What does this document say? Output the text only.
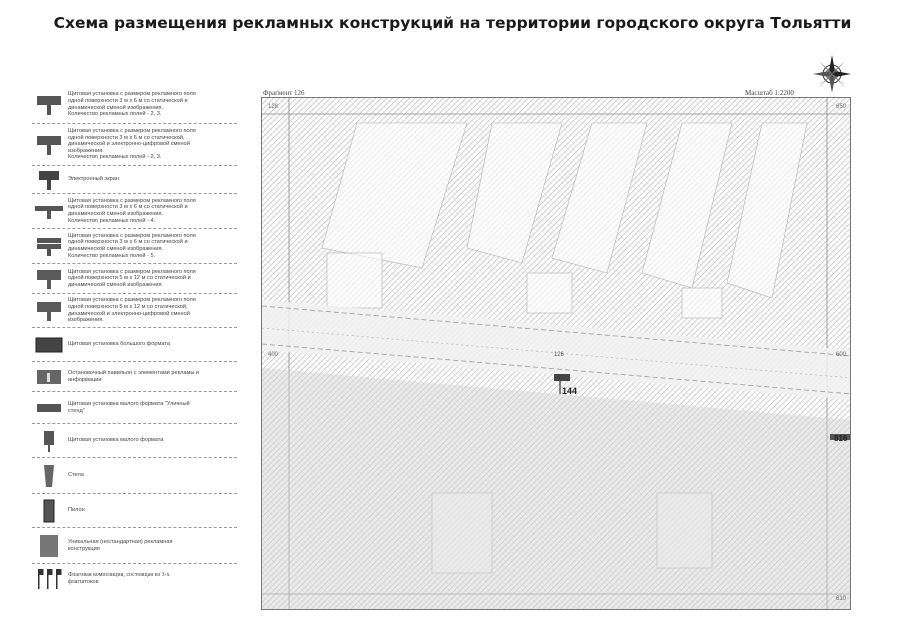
Схема размещения рекламных конструкций на территории городского округа Тольятти
Щитовая установка с размером рекламного поля
одной поверхности 3 м х 6 м со статической и
динамической сменой изображения.
Количество рекламных полей - 2, 3.
Щитовая установка с размером рекламного поля
одной поверхности 3 м х 6 м со статической,
динамической и электронно-цифровой сменой
изображения.
Количество рекламных полей - 2, 3.
Электронный экран
Щитовая установка с размером рекламного поля
одной поверхности 3 м х 6 м со статической и
динамической сменой изображения.
Количество рекламных полей - 4.
Щитовая установка с размером рекламного поля
одной поверхности 3 м х 6 м со статической и
динамической сменой изображения.
Количество рекламных полей - 5.
Щитовая установка с размером рекламного поля
одной поверхности 5 м х 12 м со статической и
динамической сменой изображения.
Щитовая установка с размером рекламного поля
одной поверхности 5 м х 12 м со статической,
динамической и электронно-цифровой сменой
изображения.
Щитовая установка большого формата
Остановочный павильон с элементами рекламы и
информации
Щитовая установка малого формата "Уличный
стенд"
Щитовая установка малого формата
Стела
Пилон
Уникальная (нестандартная) рекламная
конструкция
Флаговая композиция, состоящая из 3-х
флагштоков
Фрагмент 126	Масштаб 1:2200
128	650
610
400	600
126
144
816
